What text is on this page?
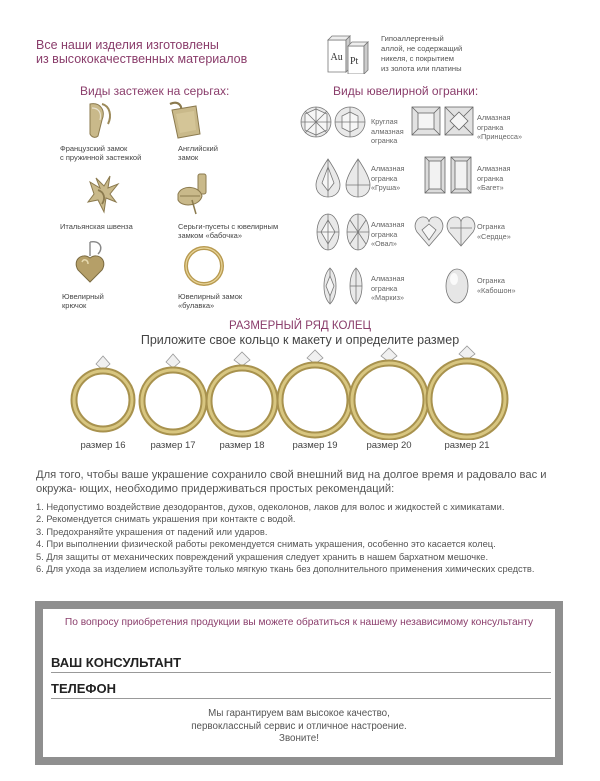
Все наши изделия изготовлены
из высококачественных материалов	Au Pt
Гипоаллергенный
аллой, не содержащий
никеля, с покрытием
из золота или платины
Виды застежек на серьгах:
Французский замок
с пружинной застежкой
Английский
замок
Итальянская швенза	Серьги-пусеты с ювелирным
замком «бабочка»
Ювелирный
крючок
Ювелирный замок
«булавка»
Виды ювелирной огранки:
Круглая
алмазная
огранка
Алмазная
огранка
«Принцесса»
Алмазная
огранка
«Груша»
Алмазная
огранка
«Багет»
Алмазная
огранка
«Овал»
Огранка
«Сердце»
Алмазная
огранка
«Маркиз»
Огранка
«Кабошон»
РАЗМЕРНЫЙ РЯД КОЛЕЦ
Приложите свое кольцо к макету и определите размер
размер 16	размер 17	размер 18	размер 19	размер 20	размер 21
Для того, чтобы ваше украшение сохранило свой внешний вид на долгое время и радовало вас и окружа- ющих, необходимо придерживаться простых рекомендаций:
1. Недопустимо воздействие дезодорантов, духов, одеколонов, лаков для волос и жидкостей с химикатами.
2. Рекомендуется снимать украшения при контакте с водой.
3. Предохраняйте украшения от падений или ударов.
4. При выполнении физической работы рекомендуется снимать украшения, особенно это касается колец.
5. Для защиты от механических повреждений украшения следует хранить в нашем бархатном мешочке.
6. Для ухода за изделием используйте только мягкую ткань без дополнительного применения химических средств.
По вопросу приобретения продукции вы можете обратиться к нашему независимому консультанту
ВАШ КОНСУЛЬТАНТ
ТЕЛЕФОН
Мы гарантируем вам высокое качество,
первоклассный сервис и отличное настроение.
Звоните!
